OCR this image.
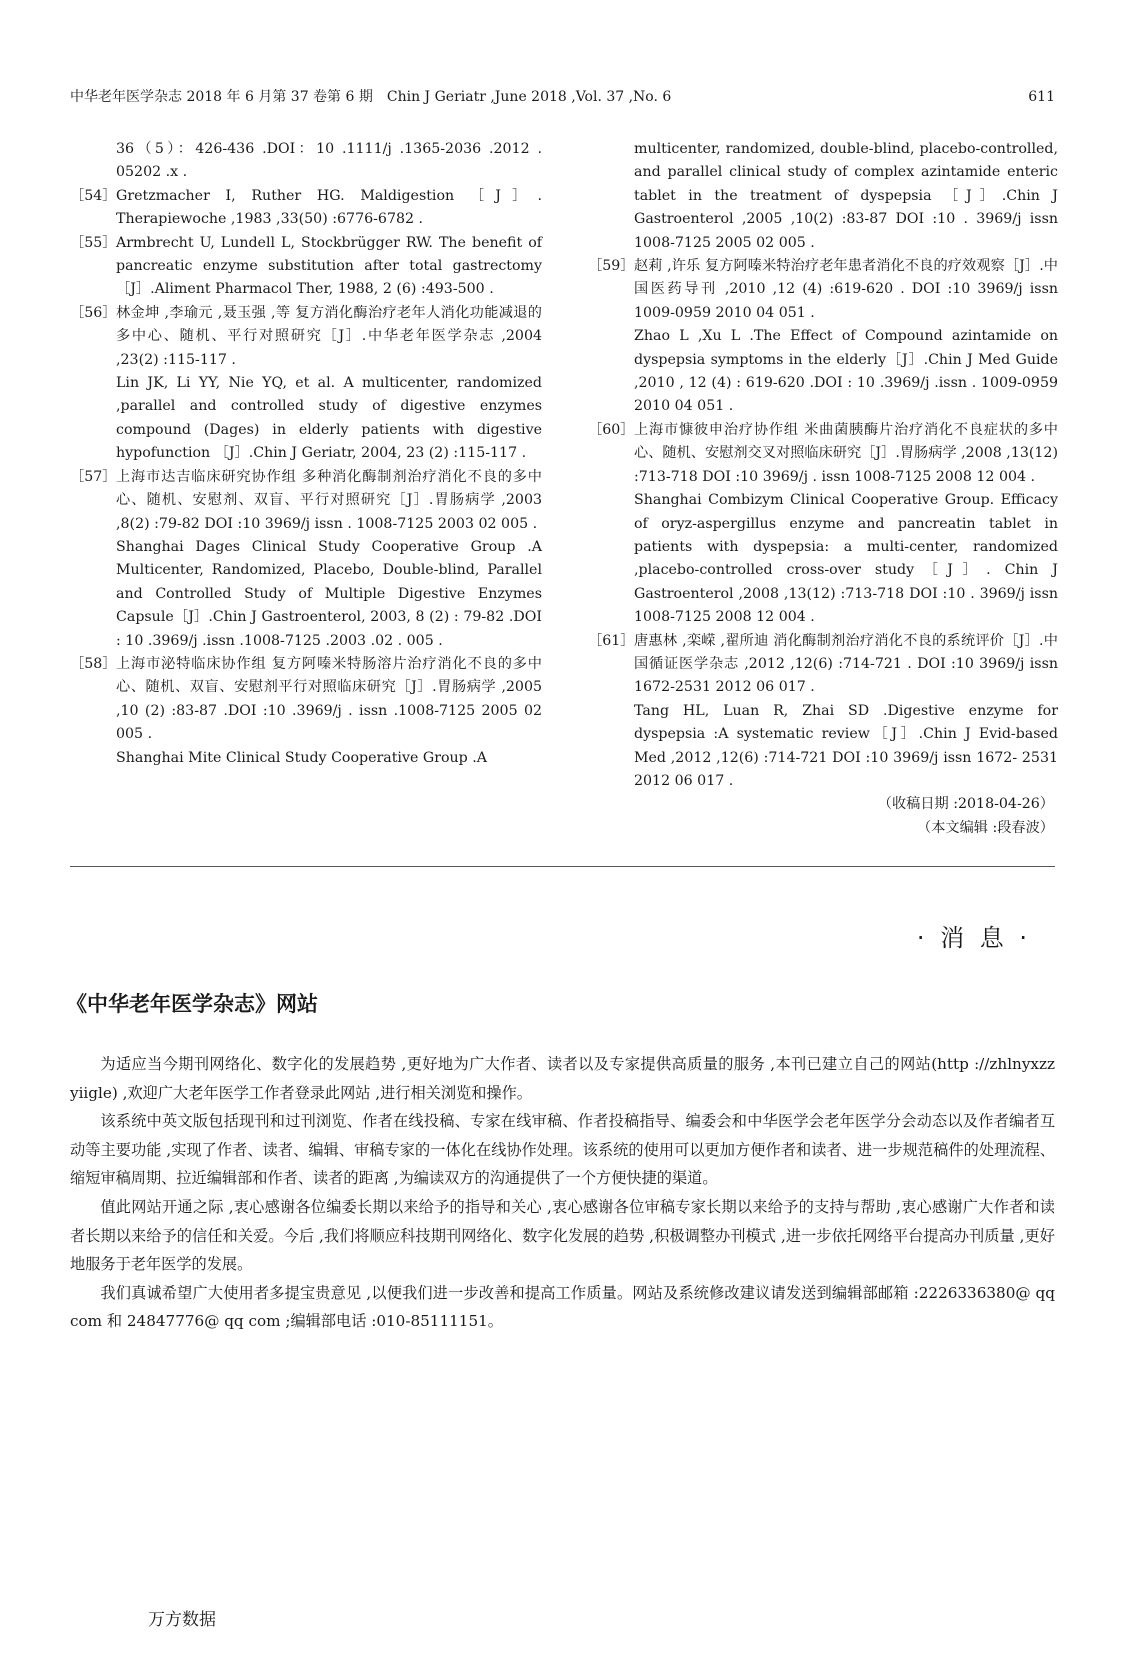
中华老年医学杂志 2018 年 6 月第 37 卷第 6 期　Chin J Geriatr ,June 2018 ,Vol. 37 ,No. 6	611
36（5）：426-436 .DOI：10 .1111/j .1365-2036 .2012 . 05202 .x .
［54］ Gretzmacher I, Ruther HG. Maldigestion ［J］. Therapiewoche ,1983 ,33(50) :6776-6782 .
［55］ Armbrecht U, Lundell L, Stockbrügger RW. The benefit of pancreatic enzyme substitution after total gastrectomy ［J］.Aliment Pharmacol Ther, 1988, 2 (6) :493-500 .
［56］ 林金坤 ,李瑜元 ,聂玉强 ,等 复方消化酶治疗老年人消化功能减退的多中心、随机、平行对照研究［J］.中华老年医学杂志 ,2004 ,23(2) :115-117 .
Lin JK, Li YY, Nie YQ, et al. A multicenter, randomized ,parallel and controlled study of digestive enzymes compound (Dages) in elderly patients with digestive hypofunction ［J］.Chin J Geriatr, 2004, 23 (2) :115-117 .
［57］ 上海市达吉临床研究协作组 多种消化酶制剂治疗消化不良的多中心、随机、安慰剂、双盲、平行对照研究［J］.胃肠病学 ,2003 ,8(2) :79-82 DOI :10 3969/j issn . 1008-7125 2003 02 005 .
Shanghai Dages Clinical Study Cooperative Group .A Multicenter, Randomized, Placebo, Double-blind, Parallel and Controlled Study of Multiple Digestive Enzymes Capsule［J］.Chin J Gastroenterol, 2003, 8 (2) : 79-82 .DOI : 10 .3969/j .issn .1008-7125 .2003 .02 . 005 .
［58］ 上海市泌特临床协作组 复方阿嗪米特肠溶片治疗消化不良的多中心、随机、双盲、安慰剂平行对照临床研究［J］.胃肠病学 ,2005 ,10 (2) :83-87 .DOI :10 .3969/j . issn .1008-7125 2005 02 005 .
Shanghai Mite Clinical Study Cooperative Group .A
multicenter, randomized, double-blind, placebo-controlled, and parallel clinical study of complex azintamide enteric tablet in the treatment of dyspepsia ［J］.Chin J Gastroenterol ,2005 ,10(2) :83-87 DOI :10 . 3969/j issn 1008-7125 2005 02 005 .
［59］ 赵莉 ,许乐 复方阿嗪米特治疗老年患者消化不良的疗效观察［J］.中国医药导刊 ,2010 ,12 (4) :619-620 . DOI :10 3969/j issn 1009-0959 2010 04 051 .
Zhao L ,Xu L .The Effect of Compound azintamide on dyspepsia symptoms in the elderly［J］.Chin J Med Guide ,2010 , 12 (4) : 619-620 .DOI : 10 .3969/j .issn . 1009-0959 2010 04 051 .
［60］ 上海市慷彼申治疗协作组 米曲菌胰酶片治疗消化不良症状的多中心、随机、安慰剂交叉对照临床研究［J］.胃肠病学 ,2008 ,13(12) :713-718 DOI :10 3969/j . issn 1008-7125 2008 12 004 .
Shanghai Combizym Clinical Cooperative Group. Efficacy of oryz-aspergillus enzyme and pancreatin tablet in patients with dyspepsia: a multi-center, randomized ,placebo-controlled cross-over study［J］. Chin J Gastroenterol ,2008 ,13(12) :713-718 DOI :10 . 3969/j issn 1008-7125 2008 12 004 .
［61］ 唐惠林 ,栾嵘 ,翟所迪 消化酶制剂治疗消化不良的系统评价［J］.中国循证医学杂志 ,2012 ,12(6) :714-721 . DOI :10 3969/j issn 1672-2531 2012 06 017 .
Tang HL, Luan R, Zhai SD .Digestive enzyme for dyspepsia :A systematic review［J］.Chin J Evid-based Med ,2012 ,12(6) :714-721 DOI :10 3969/j issn 1672- 2531 2012 06 017 .
（收稿日期 :2018-04-26）
（本文编辑 :段春波）
· 消 息 ·
《中华老年医学杂志》网站

为适应当今期刊网络化、数字化的发展趋势 ,更好地为广大作者、读者以及专家提供高质量的服务 ,本刊已建立自己的网站(http ://zhlnyxzz yiigle) ,欢迎广大老年医学工作者登录此网站 ,进行相关浏览和操作。

该系统中英文版包括现刊和过刊浏览、作者在线投稿、专家在线审稿、作者投稿指导、编委会和中华医学会老年医学分会动态以及作者编者互动等主要功能 ,实现了作者、读者、编辑、审稿专家的一体化在线协作处理。该系统的使用可以更加方便作者和读者、进一步规范稿件的处理流程、缩短审稿周期、拉近编辑部和作者、读者的距离 ,为编读双方的沟通提供了一个方便快捷的渠道。

值此网站开通之际 ,衷心感谢各位编委长期以来给予的指导和关心 ,衷心感谢各位审稿专家长期以来给予的支持与帮助 ,衷心感谢广大作者和读者长期以来给予的信任和关爱。今后 ,我们将顺应科技期刊网络化、数字化发展的趋势 ,积极调整办刊模式 ,进一步依托网络平台提高办刊质量 ,更好地服务于老年医学的发展。

我们真诚希望广大使用者多提宝贵意见 ,以便我们进一步改善和提高工作质量。网站及系统修改建议请发送到编辑部邮箱 :2226336380@ qq com 和 24847776@ qq com ;编辑部电话 :010-85111151。

万方数据
